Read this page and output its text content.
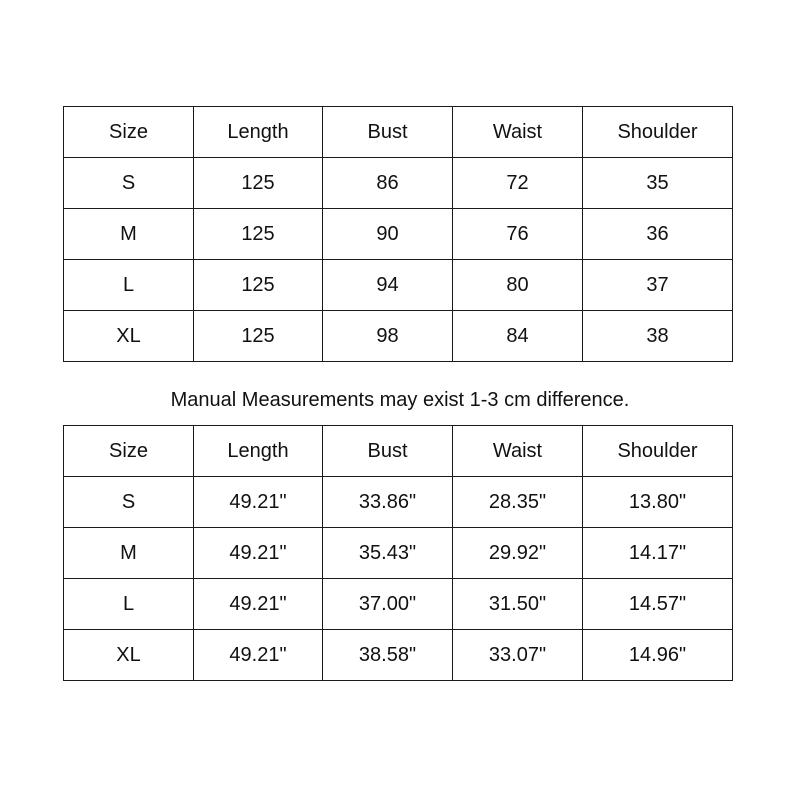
Size	Length	Bust	Waist	Shoulder
S	125	86	72	35
M	125	90	76	36
L	125	94	80	37
XL	125	98	84	38
Manual Measurements may exist 1-3 cm difference.
Size	Length	Bust	Waist	Shoulder
S	49.21"	33.86"	28.35"	13.80"
M	49.21"	35.43"	29.92"	14.17"
L	49.21"	37.00"	31.50"	14.57"
XL	49.21"	38.58"	33.07"	14.96"
